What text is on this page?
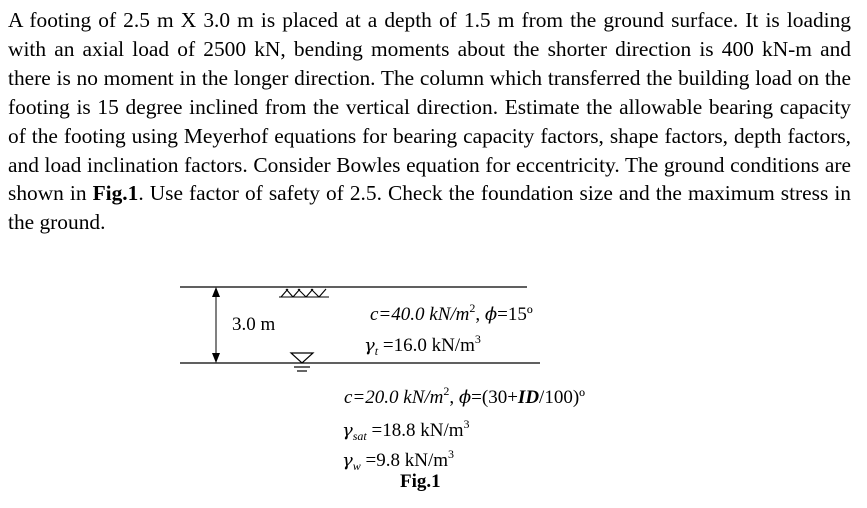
A footing of 2.5 m X 3.0 m is placed at a depth of 1.5 m from the ground surface. It is loading with an axial load of 2500 kN, bending moments about the shorter direction is 400 kN-m and there is no moment in the longer direction. The column which transferred the building load on the footing is 15 degree inclined from the vertical direction. Estimate the allowable bearing capacity of the footing using Meyerhof equations for bearing capacity factors, shape factors, depth factors, and load inclination factors. Consider Bowles equation for eccentricity. The ground conditions are shown in Fig.1. Use factor of safety of 2.5. Check the foundation size and the maximum stress in the ground.

3.0 m	c=40.0 $kN/m^2$, ϕ=15º
$\gamma_t =16.0$ $kN/m^3$
c=20.0 $kN/m^2$, ϕ=(30+ID/100)º
$\gamma_{sat} =18.8$ $kN/m^3$
$\gamma_w =9.8$ $kN/m^3$
Fig.1
